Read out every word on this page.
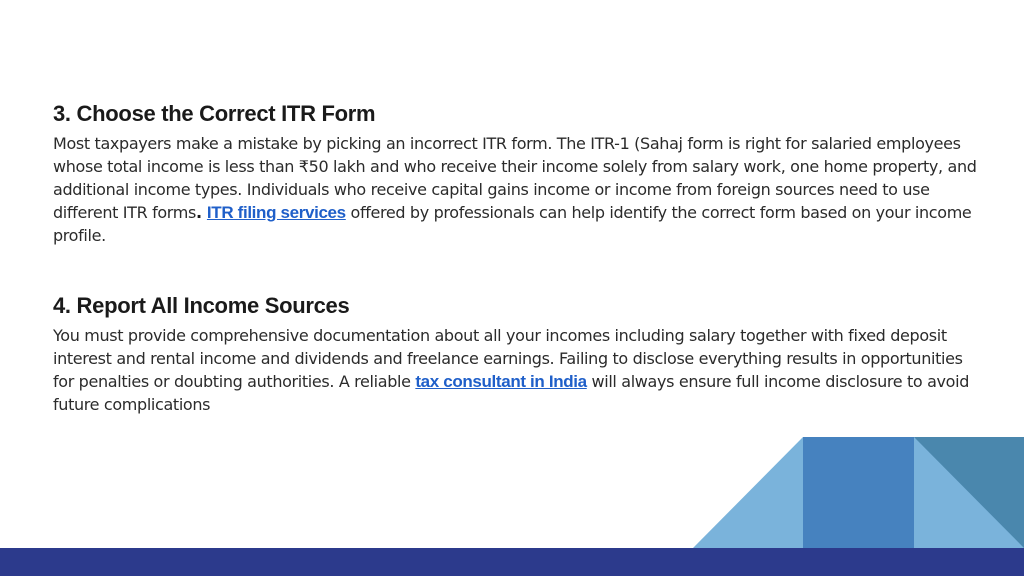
3. Choose the Correct ITR Form

Most taxpayers make a mistake by picking an incorrect ITR form. The ITR-1 (Sahaj form is right for salaried employees whose total income is less than ₹50 lakh and who receive their income solely from salary work, one home property, and additional income types. Individuals who receive capital gains income or income from foreign sources need to use different ITR forms. ITR filing services offered by professionals can help identify the correct form based on your income profile.

4. Report All Income Sources

You must provide comprehensive documentation about all your incomes including salary together with fixed deposit interest and rental income and dividends and freelance earnings. Failing to disclose everything results in opportunities for penalties or doubting authorities. A reliable tax consultant in India will always ensure full income disclosure to avoid future complications
